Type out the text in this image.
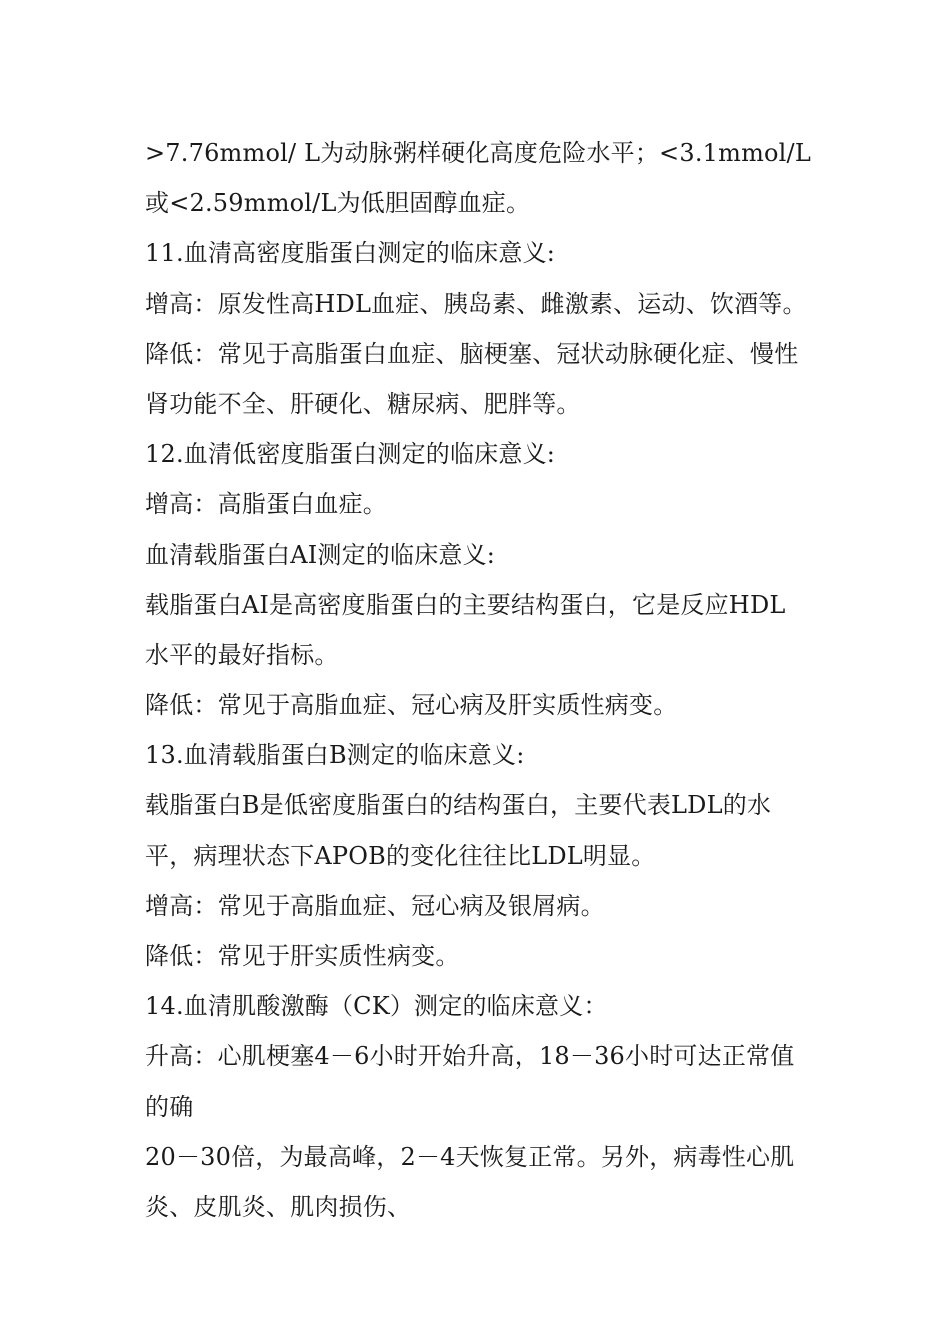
>7.76mmol/ L为动脉粥样硬化高度危险水平；<3.1mmol/L
或<2.59mmol/L为低胆固醇血症。
11.血清高密度脂蛋白测定的临床意义:
增高：原发性高HDL血症、胰岛素、雌激素、运动、饮酒等。
降低：常见于高脂蛋白血症、脑梗塞、冠状动脉硬化症、慢性
肾功能不全、肝硬化、糖尿病、肥胖等。
12.血清低密度脂蛋白测定的临床意义:
增高：高脂蛋白血症。
血清载脂蛋白AI测定的临床意义:
载脂蛋白AI是高密度脂蛋白的主要结构蛋白，它是反应HDL
水平的最好指标。
降低：常见于高脂血症、冠心病及肝实质性病变。
13.血清载脂蛋白B测定的临床意义:
载脂蛋白B是低密度脂蛋白的结构蛋白，主要代表LDL的水
平，病理状态下APOB的变化往往比LDL明显。
增高：常见于高脂血症、冠心病及银屑病。
降低：常见于肝实质性病变。
14.血清肌酸激酶（CK）测定的临床意义：
升高：心肌梗塞4－6小时开始升高，18－36小时可达正常值
的确
20－30倍，为最高峰，2－4天恢复正常。另外，病毒性心肌
炎、皮肌炎、肌肉损伤、
